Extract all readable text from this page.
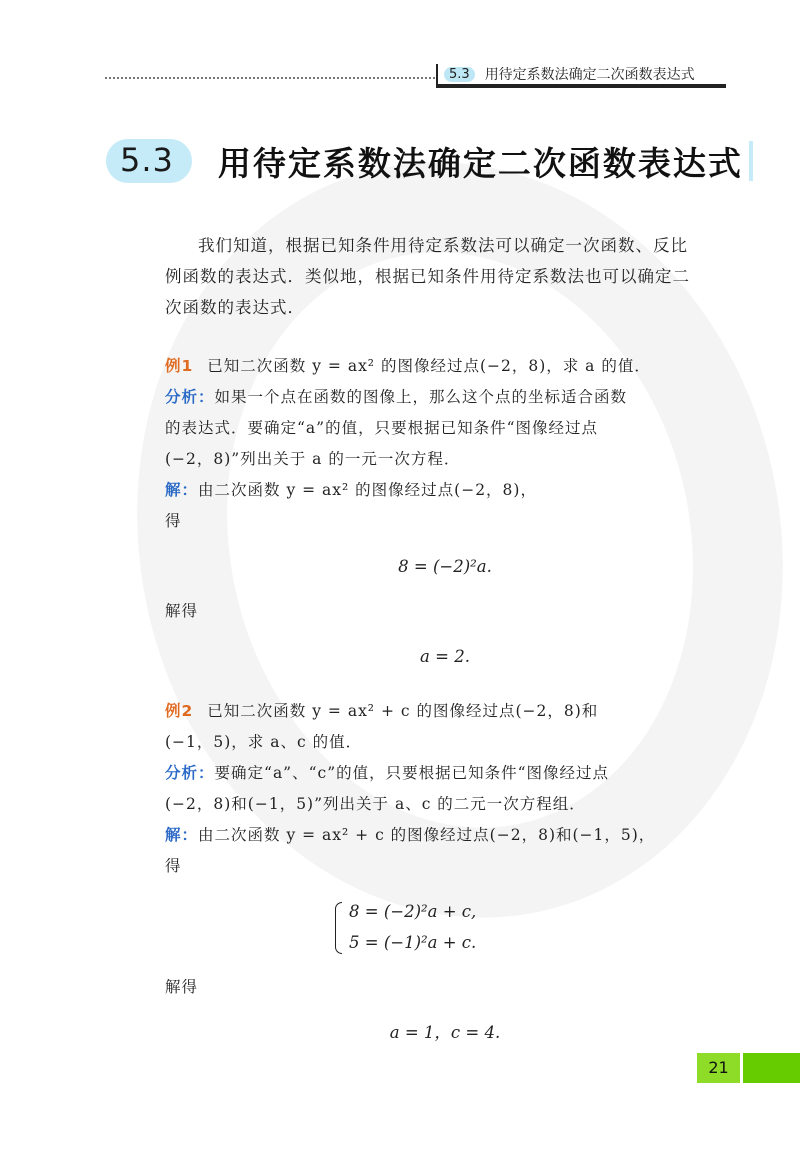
5.3	用待定系数法确定二次函数表达式
5.3	用待定系数法确定二次函数表达式

我们知道，根据已知条件用待定系数法可以确定一次函数、反比

例函数的表达式．类似地，根据已知条件用待定系数法也可以确定二

次函数的表达式．

例1 已知二次函数 y = ax² 的图像经过点(−2，8)，求 a 的值．

分析：如果一个点在函数的图像上，那么这个点的坐标适合函数

的表达式．要确定“a”的值，只要根据已知条件“图像经过点

(−2，8)”列出关于 a 的一元一次方程．

解：由二次函数 y = ax² 的图像经过点(−2，8)，

得

8 = (−2)²a.

解得

a = 2.

例2 已知二次函数 y = ax² + c 的图像经过点(−2，8)和

(−1，5)，求 a、c 的值．

分析：要确定“a”、“c”的值，只要根据已知条件“图像经过点

(−2，8)和(−1，5)”列出关于 a、c 的二元一次方程组．

解：由二次函数 y = ax² + c 的图像经过点(−2，8)和(−1，5)，

得

8 = (−2)²a + c,

5 = (−1)²a + c.

解得

a = 1，c = 4.

21
